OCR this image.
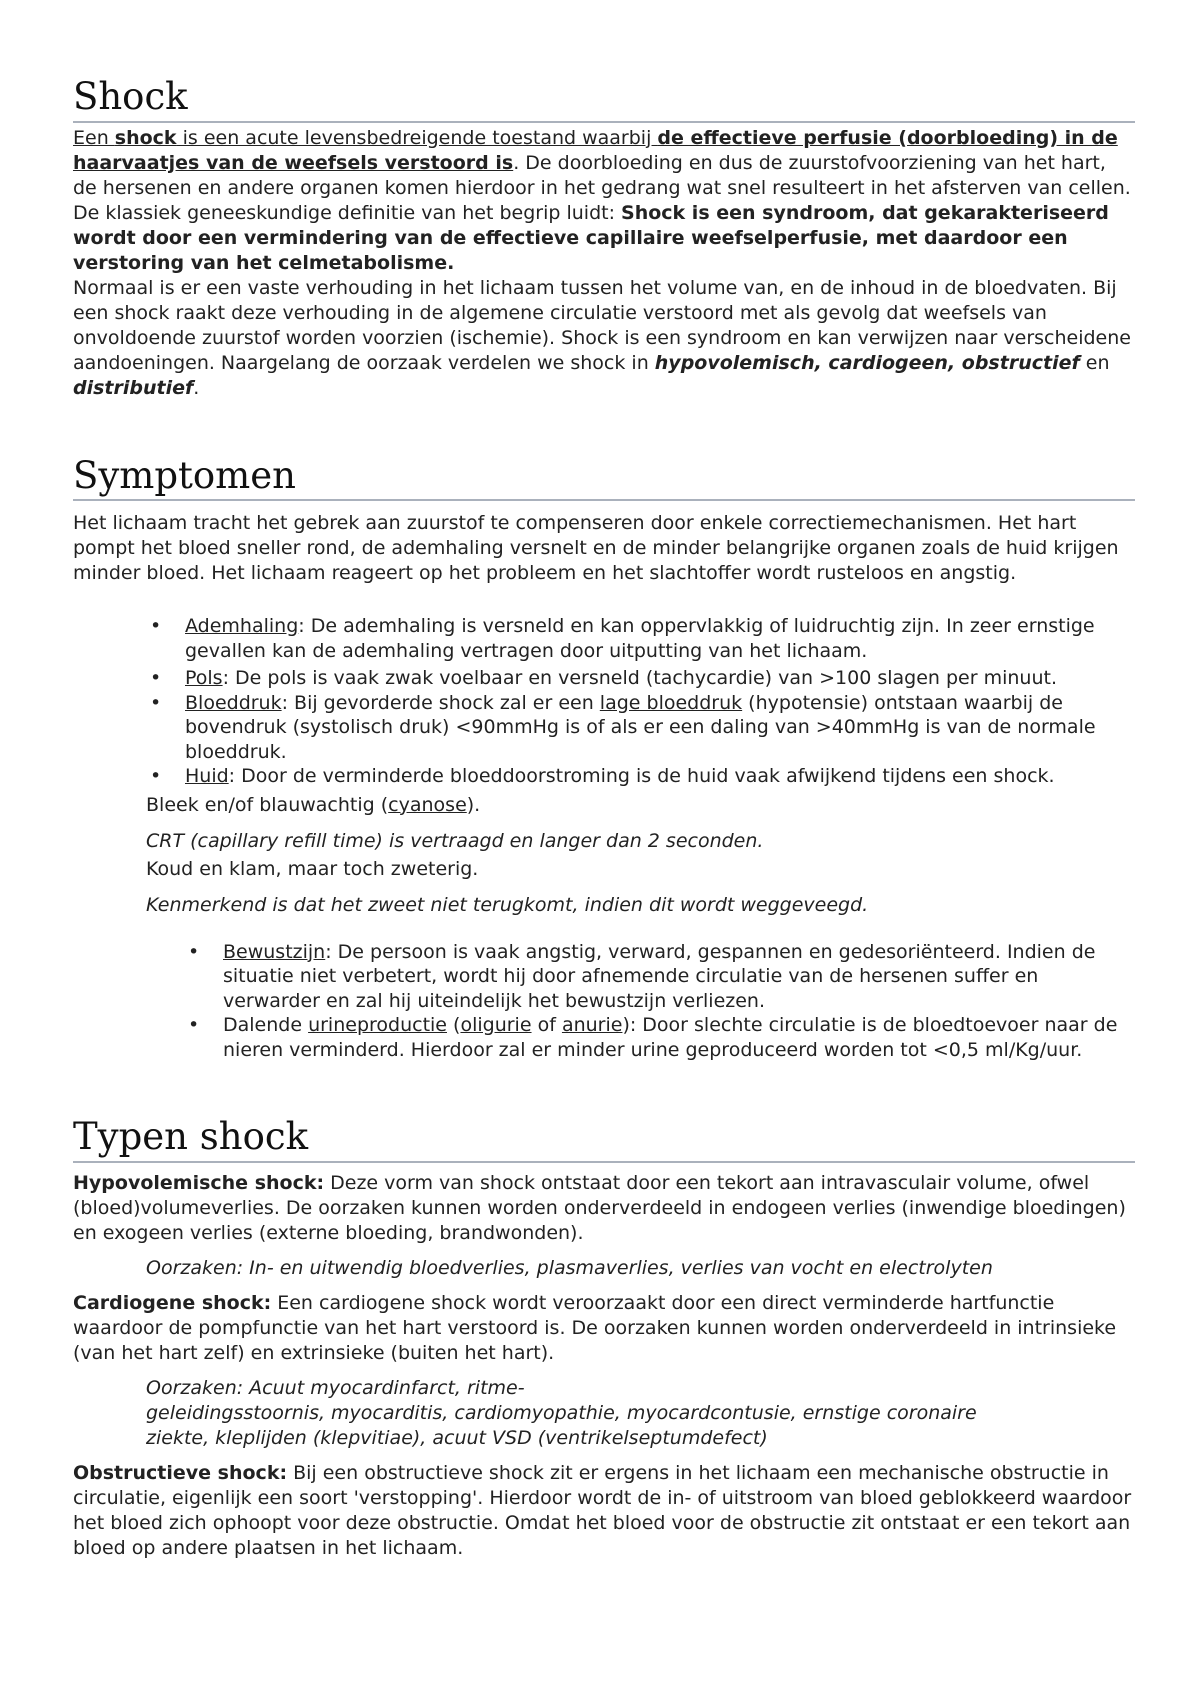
Shock

Een shock is een acute levensbedreigende toestand waarbij de effectieve perfusie (doorbloeding) in de haarvaatjes van de weefsels verstoord is. De doorbloeding en dus de zuurstofvoorziening van het hart, de hersenen en andere organen komen hierdoor in het gedrang wat snel resulteert in het afsterven van cellen. De klassiek geneeskundige definitie van het begrip luidt: Shock is een syndroom, dat gekarakteriseerd wordt door een vermindering van de effectieve capillaire weefselperfusie, met daardoor een verstoring van het celmetabolisme.

Normaal is er een vaste verhouding in het lichaam tussen het volume van, en de inhoud in de bloedvaten. Bij een shock raakt deze verhouding in de algemene circulatie verstoord met als gevolg dat weefsels van onvoldoende zuurstof worden voorzien (ischemie). Shock is een syndroom en kan verwijzen naar verscheidene aandoeningen. Naargelang de oorzaak verdelen we shock in hypovolemisch, cardiogeen, obstructief en distributief.

Symptomen

Het lichaam tracht het gebrek aan zuurstof te compenseren door enkele correctiemechanismen. Het hart pompt het bloed sneller rond, de ademhaling versnelt en de minder belangrijke organen zoals de huid krijgen minder bloed. Het lichaam reageert op het probleem en het slachtoffer wordt rusteloos en angstig.

• Ademhaling: De ademhaling is versneld en kan oppervlakkig of luidruchtig zijn. In zeer ernstige gevallen kan de ademhaling vertragen door uitputting van het lichaam.
• Pols: De pols is vaak zwak voelbaar en versneld (tachycardie) van >100 slagen per minuut.
• Bloeddruk: Bij gevorderde shock zal er een lage bloeddruk (hypotensie) ontstaan waarbij de bovendruk (systolisch druk) <90mmHg is of als er een daling van >40mmHg is van de normale bloeddruk.
• Huid: Door de verminderde bloeddoorstroming is de huid vaak afwijkend tijdens een shock.

Bleek en/of blauwachtig (cyanose).

CRT (capillary refill time) is vertraagd en langer dan 2 seconden.

Koud en klam, maar toch zweterig.

Kenmerkend is dat het zweet niet terugkomt, indien dit wordt weggeveegd.

• Bewustzijn: De persoon is vaak angstig, verward, gespannen en gedesoriënteerd. Indien de situatie niet verbetert, wordt hij door afnemende circulatie van de hersenen suffer en verwarder en zal hij uiteindelijk het bewustzijn verliezen.
• Dalende urineproductie (oligurie of anurie): Door slechte circulatie is de bloedtoevoer naar de nieren verminderd. Hierdoor zal er minder urine geproduceerd worden tot <0,5 ml/Kg/uur.
Typen shock

Hypovolemische shock: Deze vorm van shock ontstaat door een tekort aan intravasculair volume, ofwel (bloed)volumeverlies. De oorzaken kunnen worden onderverdeeld in endogeen verlies (inwendige bloedingen) en exogeen verlies (externe bloeding, brandwonden).

Oorzaken: In- en uitwendig bloedverlies, plasmaverlies, verlies van vocht en electrolyten

Cardiogene shock: Een cardiogene shock wordt veroorzaakt door een direct verminderde hartfunctie waardoor de pompfunctie van het hart verstoord is. De oorzaken kunnen worden onderverdeeld in intrinsieke (van het hart zelf) en extrinsieke (buiten het hart).

Oorzaken: Acuut myocardinfarct, ritme-
geleidingsstoornis, myocarditis, cardiomyopathie, myocardcontusie, ernstige coronaire
ziekte, kleplijden (klepvitiae), acuut VSD (ventrikelseptumdefect)

Obstructieve shock: Bij een obstructieve shock zit er ergens in het lichaam een mechanische obstructie in circulatie, eigenlijk een soort 'verstopping'. Hierdoor wordt de in- of uitstroom van bloed geblokkeerd waardoor het bloed zich ophoopt voor deze obstructie. Omdat het bloed voor de obstructie zit ontstaat er een tekort aan bloed op andere plaatsen in het lichaam.
